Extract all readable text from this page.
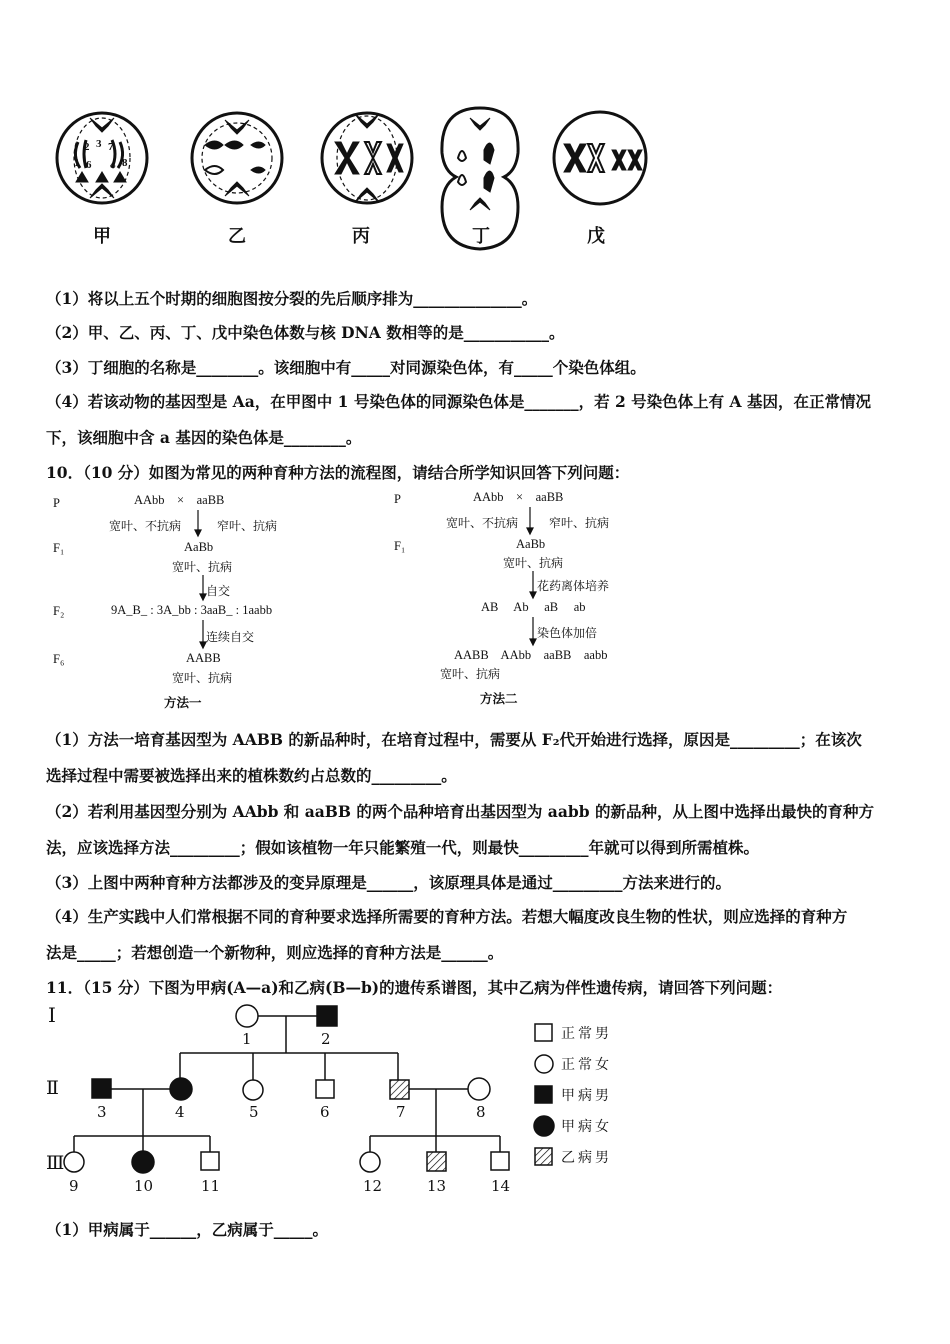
2 3 7
1 6 4 8
甲	乙	丙	丁	戊
（1）将以上五个时期的细胞图按分裂的先后顺序排为______________。
（2）甲、乙、丙、丁、戊中染色体数与核 DNA 数相等的是___________。
（3）丁细胞的名称是________。该细胞中有_____对同源染色体，有_____个染色体组。
（4）若该动物的基因型是 Aa，在甲图中 1 号染色体的同源染色体是_______，若 2 号染色体上有 A 基因，在正常情况
下，该细胞中含 a 基因的染色体是________。
10．（10 分）如图为常见的两种育种方法的流程图，请结合所学知识回答下列问题：
P
F₁
F₂
F₆
AAbb    ×    aaBB
宽叶、不抗病	窄叶、抗病
AaBb
宽叶、抗病
自交
9A_B_ : 3A_bb : 3aaB_ : 1aabb
连续自交
AABB
宽叶、抗病
方法一
P
F₁
AAbb    ×    aaBB
宽叶、不抗病	窄叶、抗病
AaBb
宽叶、抗病
花药离体培养
AB     Ab     aB     ab
染色体加倍
AABB    AAbb    aaBB    aabb
宽叶、抗病
方法二
（1）方法一培育基因型为 AABB 的新品种时，在培育过程中，需要从 F₂代开始进行选择，原因是_________；在该次
选择过程中需要被选择出来的植株数约占总数的_________。
（2）若利用基因型分别为 AAbb 和 aaBB 的两个品种培育出基因型为 aabb 的新品种，从上图中选择出最快的育种方
法，应该选择方法_________；假如该植物一年只能繁殖一代，则最快_________年就可以得到所需植株。
（3）上图中两种育种方法都涉及的变异原理是______，该原理具体是通过_________方法来进行的。
（4）生产实践中人们常根据不同的育种要求选择所需要的育种方法。若想大幅度改良生物的性状，则应选择的育种方
法是_____；若想创造一个新物种，则应选择的育种方法是______。
11．（15 分）下图为甲病(A—a)和乙病(B—b)的遗传系谱图，其中乙病为伴性遗传病，请回答下列问题：
Ⅰ
Ⅱ
Ⅲ
1	2
3	4	5	6	7	8
9	10	11	12	13	14
正常男
正常女
甲病男
甲病女
乙病男
（1）甲病属于______，乙病属于_____。
